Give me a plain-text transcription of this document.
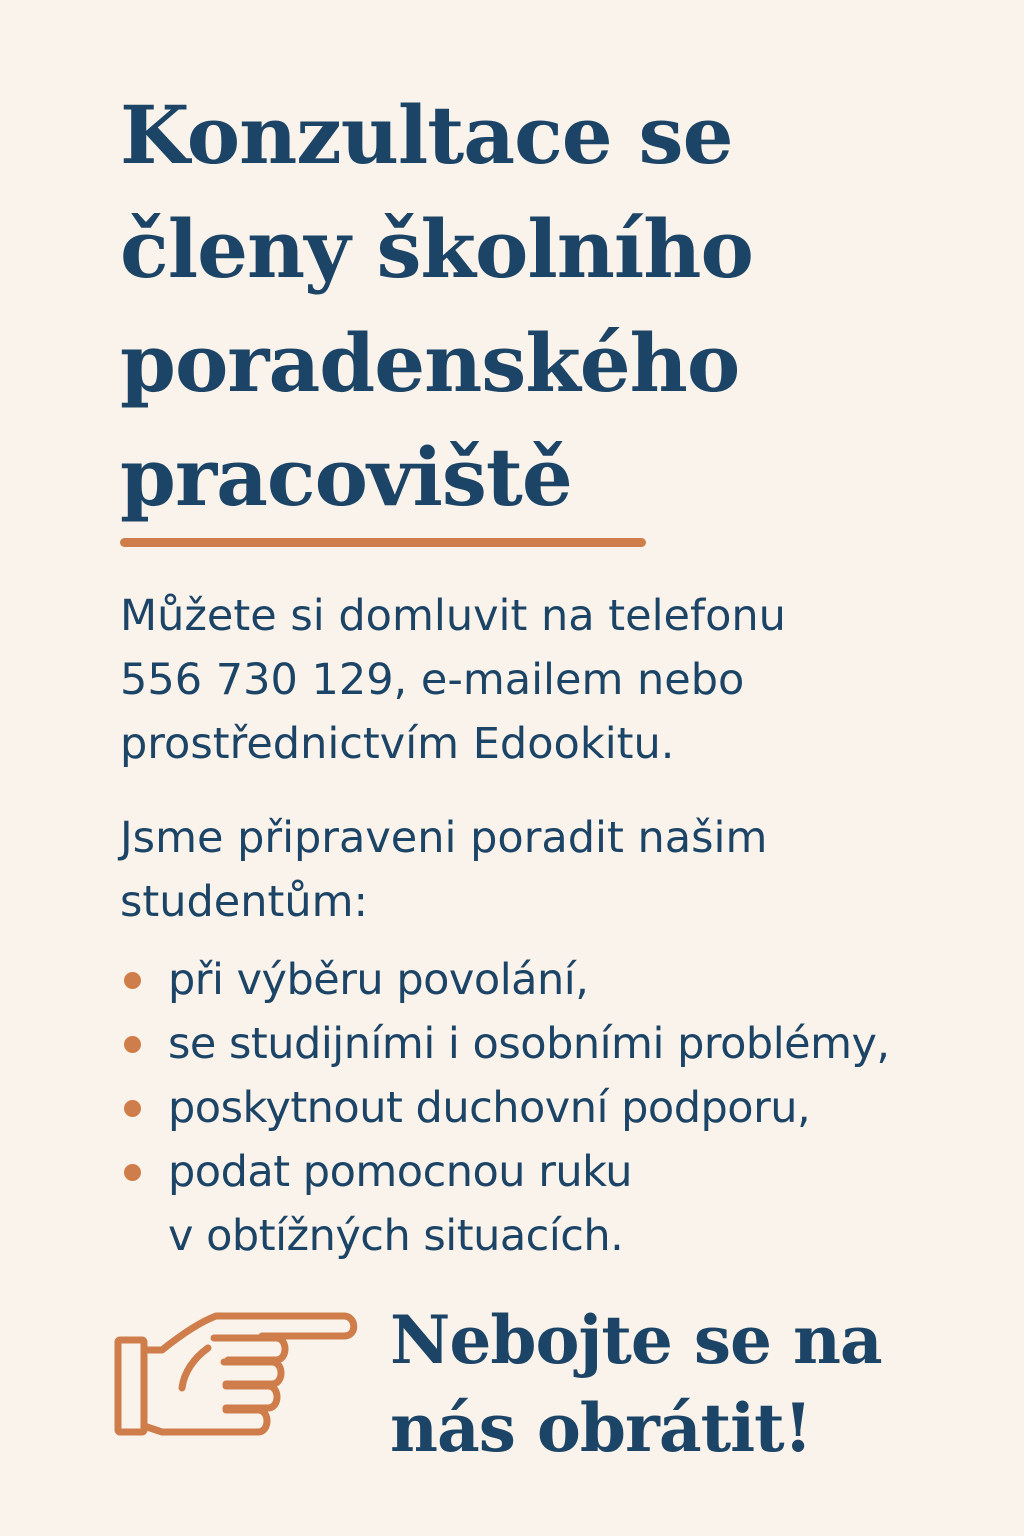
Konzultace se
členy školního
poradenského
pracoviště

Můžete si domluvit na telefonu
556 730 129, e-mailem nebo
prostřednictvím Edookitu.

Jsme připraveni poradit našim
studentům:

při výběru povolání,
se studijními i osobními problémy,
poskytnout duchovní podporu,
podat pomocnou ruku
v obtížných situacích.

Nebojte se na
nás obrátit!
